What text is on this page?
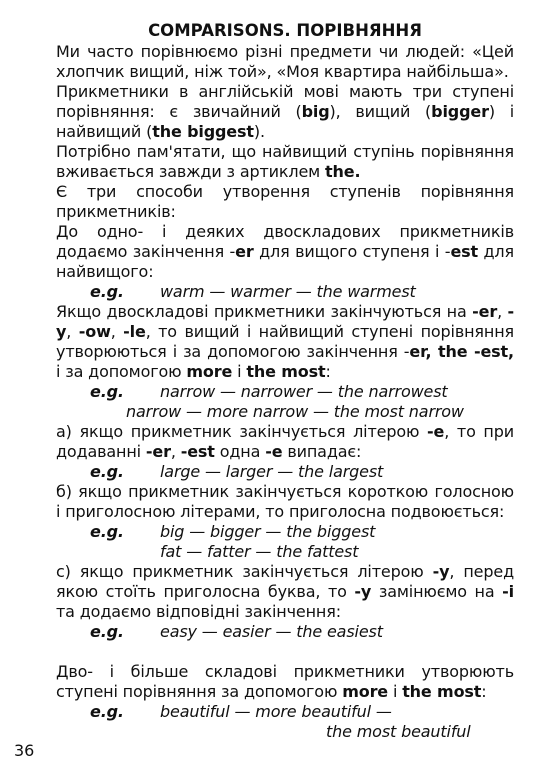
COMPARISONS. ПОРІВНЯННЯ

Ми часто порівнюємо різні предмети чи людей: «Цей хлопчик вищий, ніж той», «Моя квартира найбільша».

Прикметники в англійській мові мають три ступені порівняння: є звичайний (big), вищий (bigger) і найвищий (the biggest).

Потрібно пам'ятати, що найвищий ступінь порівняння вживається завжди з артиклем the.

Є три способи утворення ступенів порівняння прикметників:

До одно- і деяких двоскладових прикметників додаємо закінчення -er для вищого ступеня і -est для найвищого:

e.g.	warm — warmer — the warmest

Якщо двоскладові прикметники закінчуються на -er, -y, -ow, -le, то вищий і найвищий ступені порівняння утворюються і за допомогою закінчення -er, the -est, і за допомогою more і the most:

e.g.	narrow — narrower — the narrowest
narrow — more narrow — the most narrow

а) якщо прикметник закінчується літерою -e, то при додаванні -er, -est одна -e випадає:

e.g.	large — larger — the largest

б) якщо прикметник закінчується короткою голосною і приголосною літерами, то приголосна подвоюється:

e.g.	big — bigger — the biggest
fat — fatter — the fattest

с) якщо прикметник закінчується літерою -y, перед якою стоїть приголосна буква, то -y замінюємо на -i та додаємо відповідні закінчення:

e.g.	easy — easier — the easiest

Дво- і більше складові прикметники утворюють ступені порівняння за допомогою more і the most:

e.g.	beautiful — more beautiful —
the most beautiful
36
